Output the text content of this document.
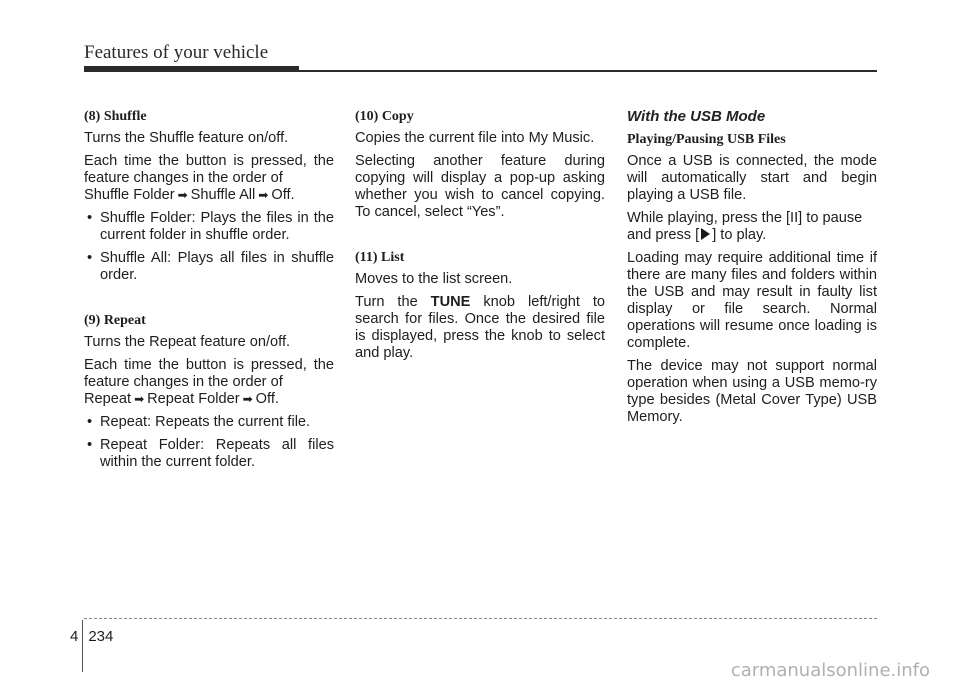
Features of your vehicle
(8) Shuffle

Turns the Shuffle feature on/off.

Each time the button is pressed, the feature changes in the order of
Shuffle Folder ➡ Shuffle All ➡ Off.

• Shuffle Folder: Plays the files in the current folder in shuffle order.

• Shuffle All: Plays all files in shuffle order.

(9) Repeat

Turns the Repeat feature on/off.

Each time the button is pressed, the feature changes in the order of
Repeat ➡ Repeat Folder ➡ Off.

• Repeat: Repeats the current file.

• Repeat Folder: Repeats all files within the current folder.

(10) Copy

Copies the current file into My Music.

Selecting another feature during copying will display a pop-up asking whether you wish to cancel copying. To cancel, select “Yes”.

(11) List

Moves to the list screen.

Turn the TUNE knob left/right to search for files. Once the desired file is displayed, press the knob to select and play.

With the USB Mode
Playing/Pausing USB Files

Once a USB is connected, the mode will automatically start and begin playing a USB file.

While playing, press the [II] to pause and press [ ] to play.

Loading may require additional time if there are many files and folders within the USB and may result in faulty list display or file search. Normal operations will resume once loading is complete.

The device may not support normal operation when using a USB memo-ry type besides (Metal Cover Type) USB Memory.

4 234
carmanualsonline.info
